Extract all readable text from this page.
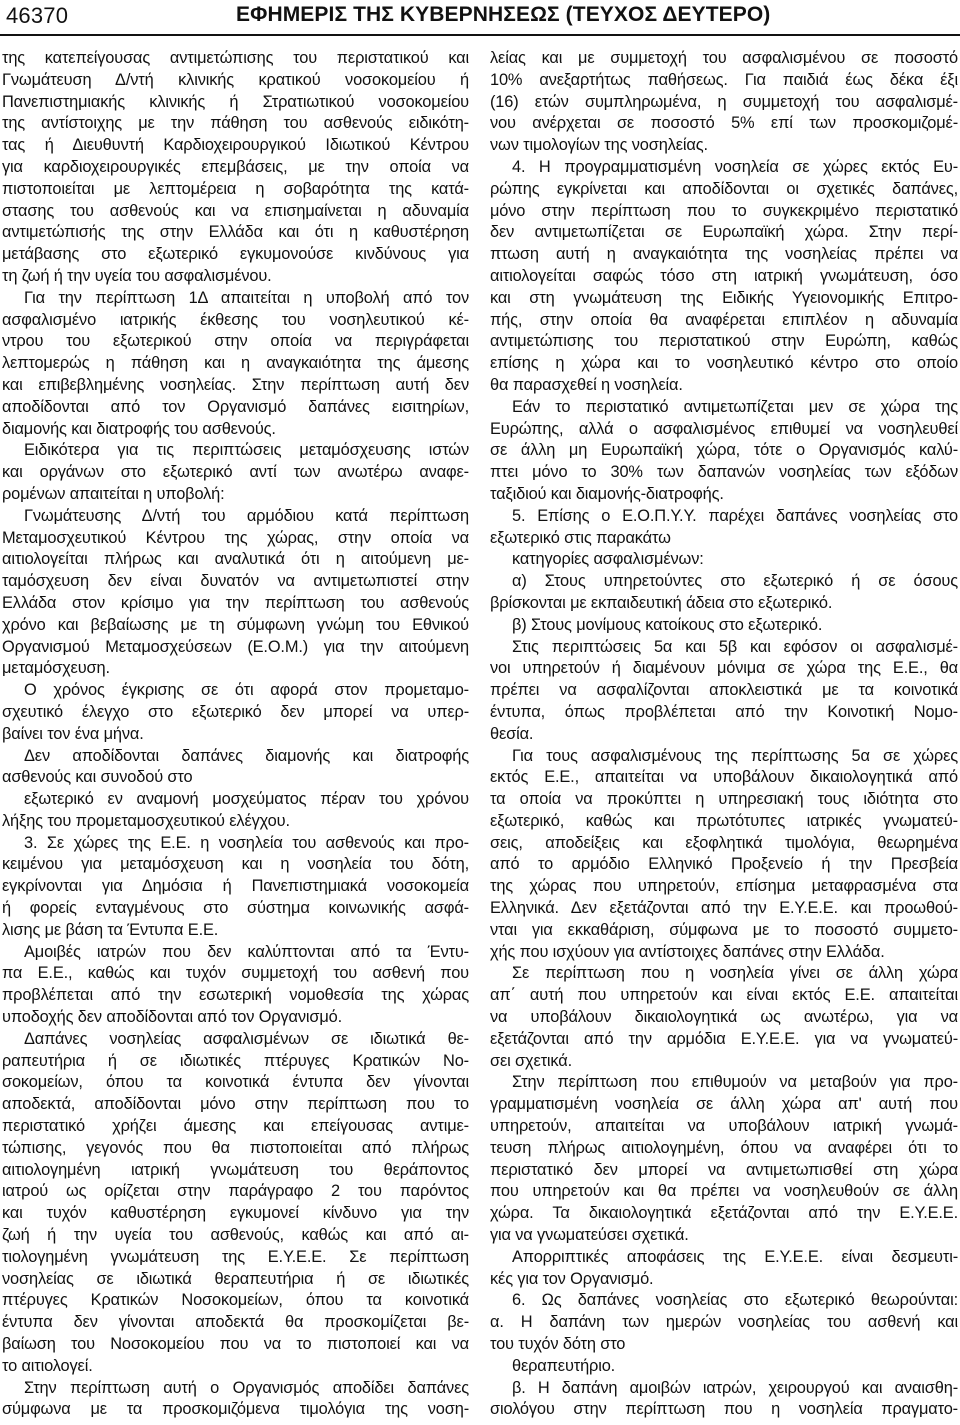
46370	ΕΦΗΜΕΡΙΣ ΤΗΣ ΚΥΒΕΡΝΗΣΕΩΣ (ΤΕΥΧΟΣ ΔΕΥΤΕΡΟ)
της κατεπείγουσας αντιμετώπισης του περιστατικού και
Γνωμάτευση Δ/ντή κλινικής κρατικού νοσοκομείου ή
Πανεπιστημιακής κλινικής ή Στρατιωτικού νοσοκομείου
της αντίστοιχης με την πάθηση του ασθενούς ειδικότη-
τας ή Διευθυντή Καρδιοχειρουργικού Ιδιωτικού Κέντρου
για καρδιοχειρουργικές επεμβάσεις, με την οποία να
πιστοποιείται με λεπτομέρεια η σοβαρότητα της κατά-
στασης του ασθενούς και να επισημαίνεται η αδυναμία
αντιμετώπισής της στην Ελλάδα και ότι η καθυστέρηση
μετάβασης στο εξωτερικό εγκυμονούσε κινδύνους για
τη ζωή ή την υγεία του ασφαλισμένου.
Για την περίπτωση 1Δ απαιτείται η υποβολή από τον
ασφαλισμένο ιατρικής έκθεσης του νοσηλευτικού κέ-
ντρου του εξωτερικού στην οποία να περιγράφεται
λεπτομερώς η πάθηση και η αναγκαιότητα της άμεσης
και επιβεβλημένης νοσηλείας. Στην περίπτωση αυτή δεν
αποδίδονται από τον Οργανισμό δαπάνες εισιτηρίων,
διαμονής και διατροφής του ασθενούς.
Ειδικότερα για τις περιπτώσεις μεταμόσχευσης ιστών
και οργάνων στο εξωτερικό αντί των ανωτέρω αναφε-
ρομένων απαιτείται η υποβολή:
Γνωμάτευσης Δ/ντή του αρμόδιου κατά περίπτωση
Μεταμοσχευτικού Κέντρου της χώρας, στην οποία να
αιτιολογείται πλήρως και αναλυτικά ότι η αιτούμενη με-
ταμόσχευση δεν είναι δυνατόν να αντιμετωπιστεί στην
Ελλάδα στον κρίσιμο για την περίπτωση του ασθενούς
χρόνο και βεβαίωσης με τη σύμφωνη γνώμη του Εθνικού
Οργανισμού Μεταμοσχεύσεων (Ε.Ο.Μ.) για την αιτούμενη
μεταμόσχευση.
Ο χρόνος έγκρισης σε ότι αφορά στον προμεταμο-
σχευτικό έλεγχο στο εξωτερικό δεν μπορεί να υπερ-
βαίνει τον ένα μήνα.
Δεν αποδίδονται δαπάνες διαμονής και διατροφής
ασθενούς και συνοδού στο
εξωτερικό εν αναμονή μοσχεύματος πέραν του χρόνου
λήξης του προμεταμοσχευτικού ελέγχου.
3. Σε χώρες της Ε.Ε. η νοσηλεία του ασθενούς και προ-
κειμένου για μεταμόσχευση και η νοσηλεία του δότη,
εγκρίνονται για Δημόσια ή Πανεπιστημιακά νοσοκομεία
ή φορείς ενταγμένους στο σύστημα κοινωνικής ασφά-
λισης με βάση τα Έντυπα Ε.Ε.
Αμοιβές ιατρών που δεν καλύπτονται από τα Έντυ-
πα Ε.Ε., καθώς και τυχόν συμμετοχή του ασθενή που
προβλέπεται από την εσωτερική νομοθεσία της χώρας
υποδοχής δεν αποδίδονται από τον Οργανισμό.
Δαπάνες νοσηλείας ασφαλισμένων σε ιδιωτικά θε-
ραπευτήρια ή σε ιδιωτικές πτέρυγες Κρατικών Νο-
σοκομείων, όπου τα κοινοτικά έντυπα δεν γίνονται
αποδεκτά, αποδίδονται μόνο στην περίπτωση που το
περιστατικό χρήζει άμεσης και επείγουσας αντιμε-
τώπισης, γεγονός που θα πιστοποιείται από πλήρως
αιτιολογημένη ιατρική γνωμάτευση του θεράποντος
ιατρού ως ορίζεται στην παράγραφο 2 του παρόντος
και τυχόν καθυστέρηση εγκυμονεί κίνδυνο για την
ζωή ή την υγεία του ασθενούς, καθώς και από αι-
τιολογημένη γνωμάτευση της Ε.Υ.Ε.Ε. Σε περίπτωση
νοσηλείας σε ιδιωτικά θεραπευτήρια ή σε ιδιωτικές
πτέρυγες Κρατικών Νοσοκομείων, όπου τα κοινοτικά
έντυπα δεν γίνονται αποδεκτά θα προσκομίζεται βε-
βαίωση του Νοσοκομείου που να το πιστοποιεί και να
το αιτιολογεί.
Στην περίπτωση αυτή ο Οργανισμός αποδίδει δαπάνες
σύμφωνα με τα προσκομιζόμενα τιμολόγια της νοση-
λείας και με συμμετοχή του ασφαλισμένου σε ποσοστό
10% ανεξαρτήτως παθήσεως. Για παιδιά έως δέκα έξι
(16) ετών συμπληρωμένα, η συμμετοχή του ασφαλισμέ-
νου ανέρχεται σε ποσοστό 5% επί των προσκομιζομέ-
νων τιμολογίων της νοσηλείας.
4. Η προγραμματισμένη νοσηλεία σε χώρες εκτός Ευ-
ρώπης εγκρίνεται και αποδίδονται οι σχετικές δαπάνες,
μόνο στην περίπτωση που το συγκεκριμένο περιστατικό
δεν αντιμετωπίζεται σε Ευρωπαϊκή χώρα. Στην περί-
πτωση αυτή η αναγκαιότητα της νοσηλείας πρέπει να
αιτιολογείται σαφώς τόσο στη ιατρική γνωμάτευση, όσο
και στη γνωμάτευση της Ειδικής Υγειονομικής Επιτρο-
πής, στην οποία θα αναφέρεται επιπλέον η αδυναμία
αντιμετώπισης του περιστατικού στην Ευρώπη, καθώς
επίσης η χώρα και το νοσηλευτικό κέντρο στο οποίο
θα παρασχεθεί η νοσηλεία.
Εάν το περιστατικό αντιμετωπίζεται μεν σε χώρα της
Ευρώπης, αλλά ο ασφαλισμένος επιθυμεί να νοσηλευθεί
σε άλλη μη Ευρωπαϊκή χώρα, τότε ο Οργανισμός καλύ-
πτει μόνο το 30% των δαπανών νοσηλείας των εξόδων
ταξιδιού και διαμονής-διατροφής.
5. Επίσης ο Ε.Ο.Π.Υ.Υ. παρέχει δαπάνες νοσηλείας στο
εξωτερικό στις παρακάτω
κατηγορίες ασφαλισμένων:
α) Στους υπηρετούντες στο εξωτερικό ή σε όσους
βρίσκονται με εκπαιδευτική άδεια στο εξωτερικό.
β) Στους μονίμους κατοίκους στο εξωτερικό.
Στις περιπτώσεις 5α και 5β και εφόσον οι ασφαλισμέ-
νοι υπηρετούν ή διαμένουν μόνιμα σε χώρα της Ε.Ε., θα
πρέπει να ασφαλίζονται αποκλειστικά με τα κοινοτικά
έντυπα, όπως προβλέπεται από την Κοινοτική Νομο-
θεσία.
Για τους ασφαλισμένους της περίπτωσης 5α σε χώρες
εκτός Ε.Ε., απαιτείται να υποβάλουν δικαιολογητικά από
τα οποία να προκύπτει η υπηρεσιακή τους ιδιότητα στο
εξωτερικό, καθώς και πρωτότυπες ιατρικές γνωματεύ-
σεις, αποδείξεις και εξοφλητικά τιμολόγια, θεωρημένα
από το αρμόδιο Ελληνικό Προξενείο ή την Πρεσβεία
της χώρας που υπηρετούν, επίσημα μεταφρασμένα στα
Ελληνικά. Δεν εξετάζονται από την Ε.Υ.Ε.Ε. και προωθού-
νται για εκκαθάριση, σύμφωνα με το ποσοστό συμμετο-
χής που ισχύουν για αντίστοιχες δαπάνες στην Ελλάδα.
Σε περίπτωση που η νοσηλεία γίνει σε άλλη χώρα
απ΄ αυτή που υπηρετούν και είναι εκτός Ε.Ε. απαιτείται
να υποβάλουν δικαιολογητικά ως ανωτέρω, για να
εξετάζονται από την αρμόδια Ε.Υ.Ε.Ε. για να γνωματεύ-
σει σχετικά.
Στην περίπτωση που επιθυμούν να μεταβούν για προ-
γραμματισμένη νοσηλεία σε άλλη χώρα απ' αυτή που
υπηρετούν, απαιτείται να υποβάλουν ιατρική γνωμά-
τευση πλήρως αιτιολογημένη, όπου να αναφέρει ότι το
περιστατικό δεν μπορεί να αντιμετωπισθεί στη χώρα
που υπηρετούν και θα πρέπει να νοσηλευθούν σε άλλη
χώρα. Τα δικαιολογητικά εξετάζονται από την Ε.Υ.Ε.Ε.
για να γνωματεύσει σχετικά.
Απορριπτικές αποφάσεις της Ε.Υ.Ε.Ε. είναι δεσμευτι-
κές για τον Οργανισμό.
6. Ως δαπάνες νοσηλείας στο εξωτερικό θεωρούνται:
α. Η δαπάνη των ημερών νοσηλείας του ασθενή και
του τυχόν δότη στο
θεραπευτήριο.
β. Η δαπάνη αμοιβών ιατρών, χειρουργού και αναισθη-
σιολόγου στην περίπτωση που η νοσηλεία πραγματο-
